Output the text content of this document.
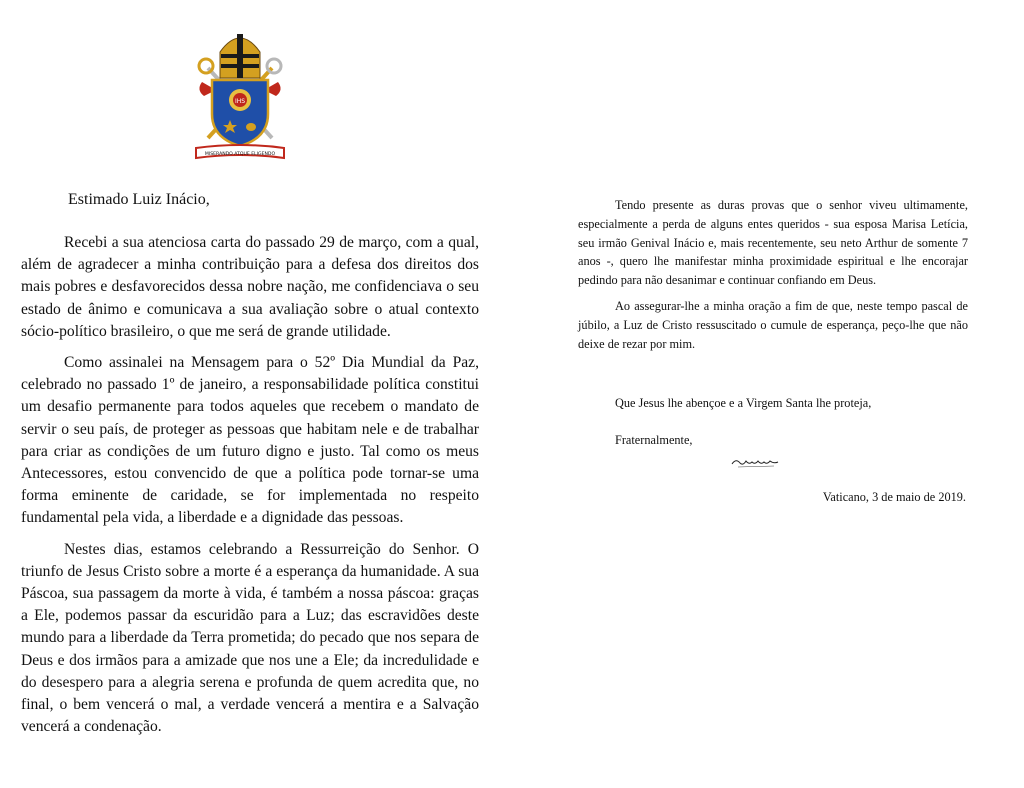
IHS
MISERANDO ATQUE ELIGENDO
Estimado Luiz Inácio,

Recebi a sua atenciosa carta do passado 29 de março, com a qual, além de agradecer a minha contribuição para a defesa dos direitos dos mais pobres e desfavorecidos dessa nobre nação, me confidenciava o seu estado de ânimo e comunicava a sua avaliação sobre o atual contexto sócio-político brasileiro, o que me será de grande utilidade.

Como assinalei na Mensagem para o 52º Dia Mundial da Paz, celebrado no passado 1º de janeiro, a responsabilidade política constitui um desafio permanente para todos aqueles que recebem o mandato de servir o seu país, de proteger as pessoas que habitam nele e de trabalhar para criar as condições de um futuro digno e justo. Tal como os meus Antecessores, estou convencido de que a política pode tornar-se uma forma eminente de caridade, se for implementada no respeito fundamental pela vida, a liberdade e a dignidade das pessoas.

Nestes dias, estamos celebrando a Ressurreição do Senhor. O triunfo de Jesus Cristo sobre a morte é a esperança da humanidade. A sua Páscoa, sua passagem da morte à vida, é também a nossa páscoa: graças a Ele, podemos passar da escuridão para a Luz; das escravidões deste mundo para a liberdade da Terra prometida; do pecado que nos separa de Deus e dos irmãos para a amizade que nos une a Ele; da incredulidade e do desespero para a alegria serena e profunda de quem acredita que, no final, o bem vencerá o mal, a verdade vencerá a mentira e a Salvação vencerá a condenação.

Tendo presente as duras provas que o senhor viveu ultimamente, especialmente a perda de alguns entes queridos - sua esposa Marisa Letícia, seu irmão Genival Inácio e, mais recentemente, seu neto Arthur de somente 7 anos -, quero lhe manifestar minha proximidade espiritual e lhe encorajar pedindo para não desanimar e continuar confiando em Deus.

Ao assegurar-lhe a minha oração a fim de que, neste tempo pascal de júbilo, a Luz de Cristo ressuscitado o cumule de esperança, peço-lhe que não deixe de rezar por mim.

Que Jesus lhe abençoe e a Virgem Santa lhe proteja,
Fraternalmente,
Vaticano, 3 de maio de 2019.
